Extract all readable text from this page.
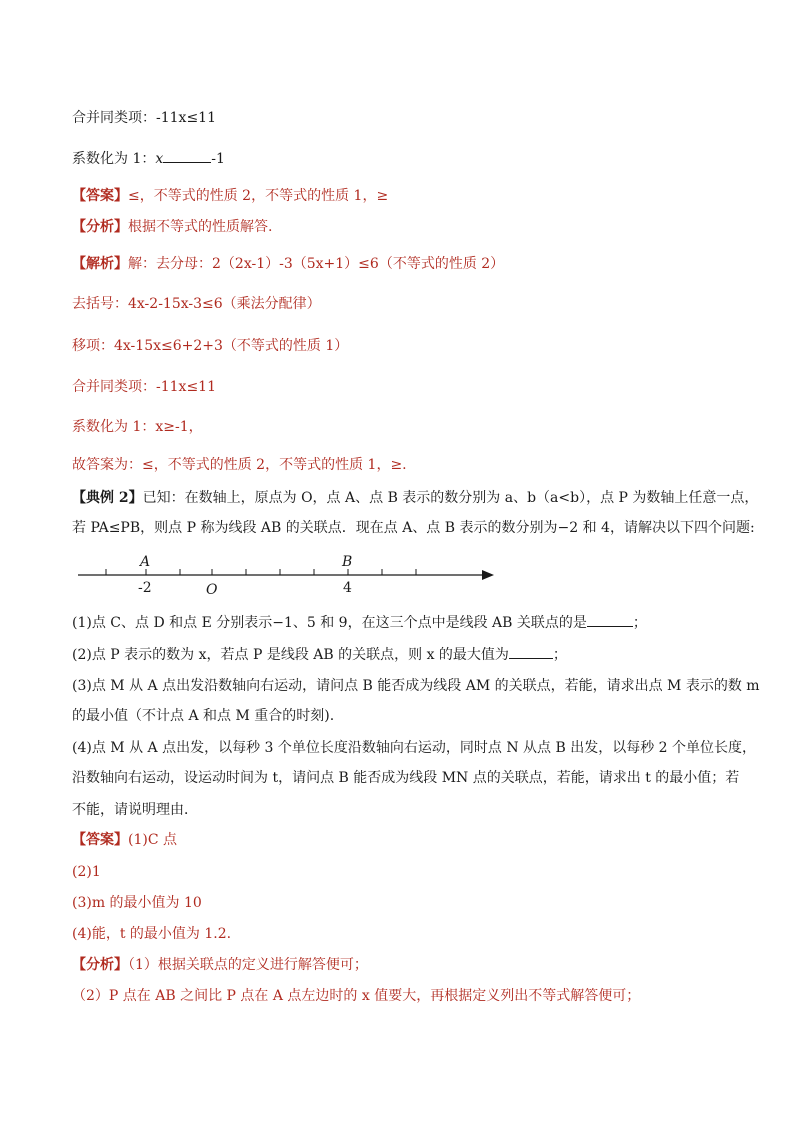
合并同类项：-11x≤11
系数化为 1：x	-1
【答案】≤，不等式的性质 2，不等式的性质 1，≥
【分析】根据不等式的性质解答.
【解析】解：去分母：2（2x-1）-3（5x+1）≤6（不等式的性质 2）
去括号：4x-2-15x-3≤6（乘法分配律）
移项：4x-15x≤6+2+3（不等式的性质 1）
合并同类项：-11x≤11
系数化为 1：x≥-1，
故答案为：≤，不等式的性质 2，不等式的性质 1，≥.
【典例 2】已知：在数轴上，原点为 O，点 A、点 B 表示的数分别为 a、b（a<b），点 P 为数轴上任意一点，
若 PA≤PB，则点 P 称为线段 AB 的关联点．现在点 A、点 B 表示的数分别为−2 和 4，请解决以下四个问题:
A	B
-2	O	4
(1)点 C、点 D 和点 E 分别表示−1、5 和 9，在这三个点中是线段 AB 关联点的是	；
(2)点 P 表示的数为 x，若点 P 是线段 AB 的关联点，则 x 的最大值为	；
(3)点 M 从 A 点出发沿数轴向右运动，请问点 B 能否成为线段 AM 的关联点，若能，请求出点 M 表示的数 m
的最小值（不计点 A 和点 M 重合的时刻).
(4)点 M 从 A 点出发，以每秒 3 个单位长度沿数轴向右运动，同时点 N 从点 B 出发，以每秒 2 个单位长度，
沿数轴向右运动，设运动时间为 t，请问点 B 能否成为线段 MN 点的关联点，若能，请求出 t 的最小值；若
不能，请说明理由．
【答案】(1)C 点
(2)1
(3)m 的最小值为 10
(4)能，t 的最小值为 1.2.
【分析】（1）根据关联点的定义进行解答便可；
（2）P 点在 AB 之间比 P 点在 A 点左边时的 x 值要大，再根据定义列出不等式解答便可；
